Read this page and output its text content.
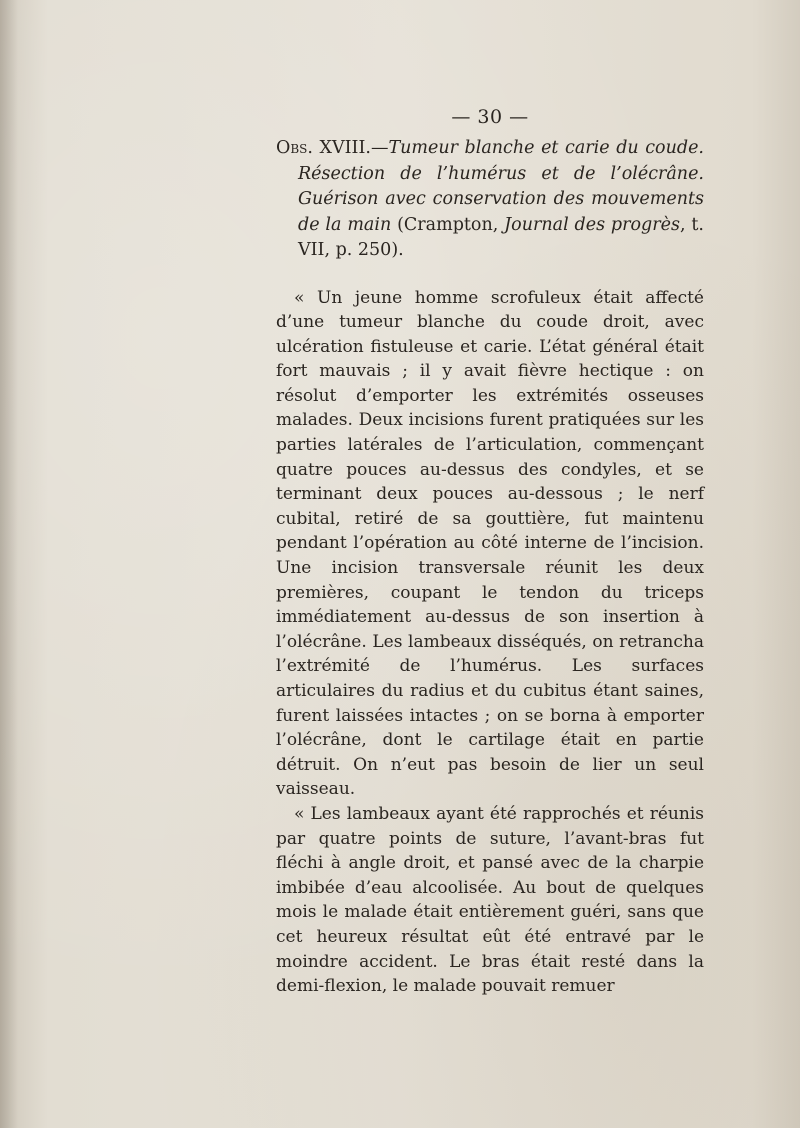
— 30 —

Obs. XVIII.—Tumeur blanche et carie du coude. Résection de l’humérus et de l’olécrâne. Guérison avec conservation des mouvements de la main (Crampton, Journal des progrès, t. VII, p. 250).

« Un jeune homme scrofuleux était affecté d’une tumeur blanche du coude droit, avec ulcération fistuleuse et carie. L’état général était fort mauvais ; il y avait fièvre hectique : on résolut d’emporter les extrémités osseuses malades. Deux incisions furent pratiquées sur les parties latérales de l’articulation, commençant quatre pouces au-dessus des condyles, et se terminant deux pouces au-dessous ; le nerf cubital, retiré de sa gouttière, fut maintenu pendant l’opération au côté interne de l’incision. Une incision transversale réunit les deux premières, coupant le tendon du triceps immédiatement au-dessus de son insertion à l’olécrâne. Les lambeaux disséqués, on retrancha l’extrémité de l’humérus. Les surfaces articulaires du radius et du cubitus étant saines, furent laissées intactes ; on se borna à emporter l’olécrâne, dont le cartilage était en partie détruit. On n’eut pas besoin de lier un seul vaisseau.

« Les lambeaux ayant été rapprochés et réunis par quatre points de suture, l’avant-bras fut fléchi à angle droit, et pansé avec de la charpie imbibée d’eau alcoolisée. Au bout de quelques mois le malade était entièrement guéri, sans que cet heureux résultat eût été entravé par le moindre accident. Le bras était resté dans la demi-flexion, le malade pouvait remuer
